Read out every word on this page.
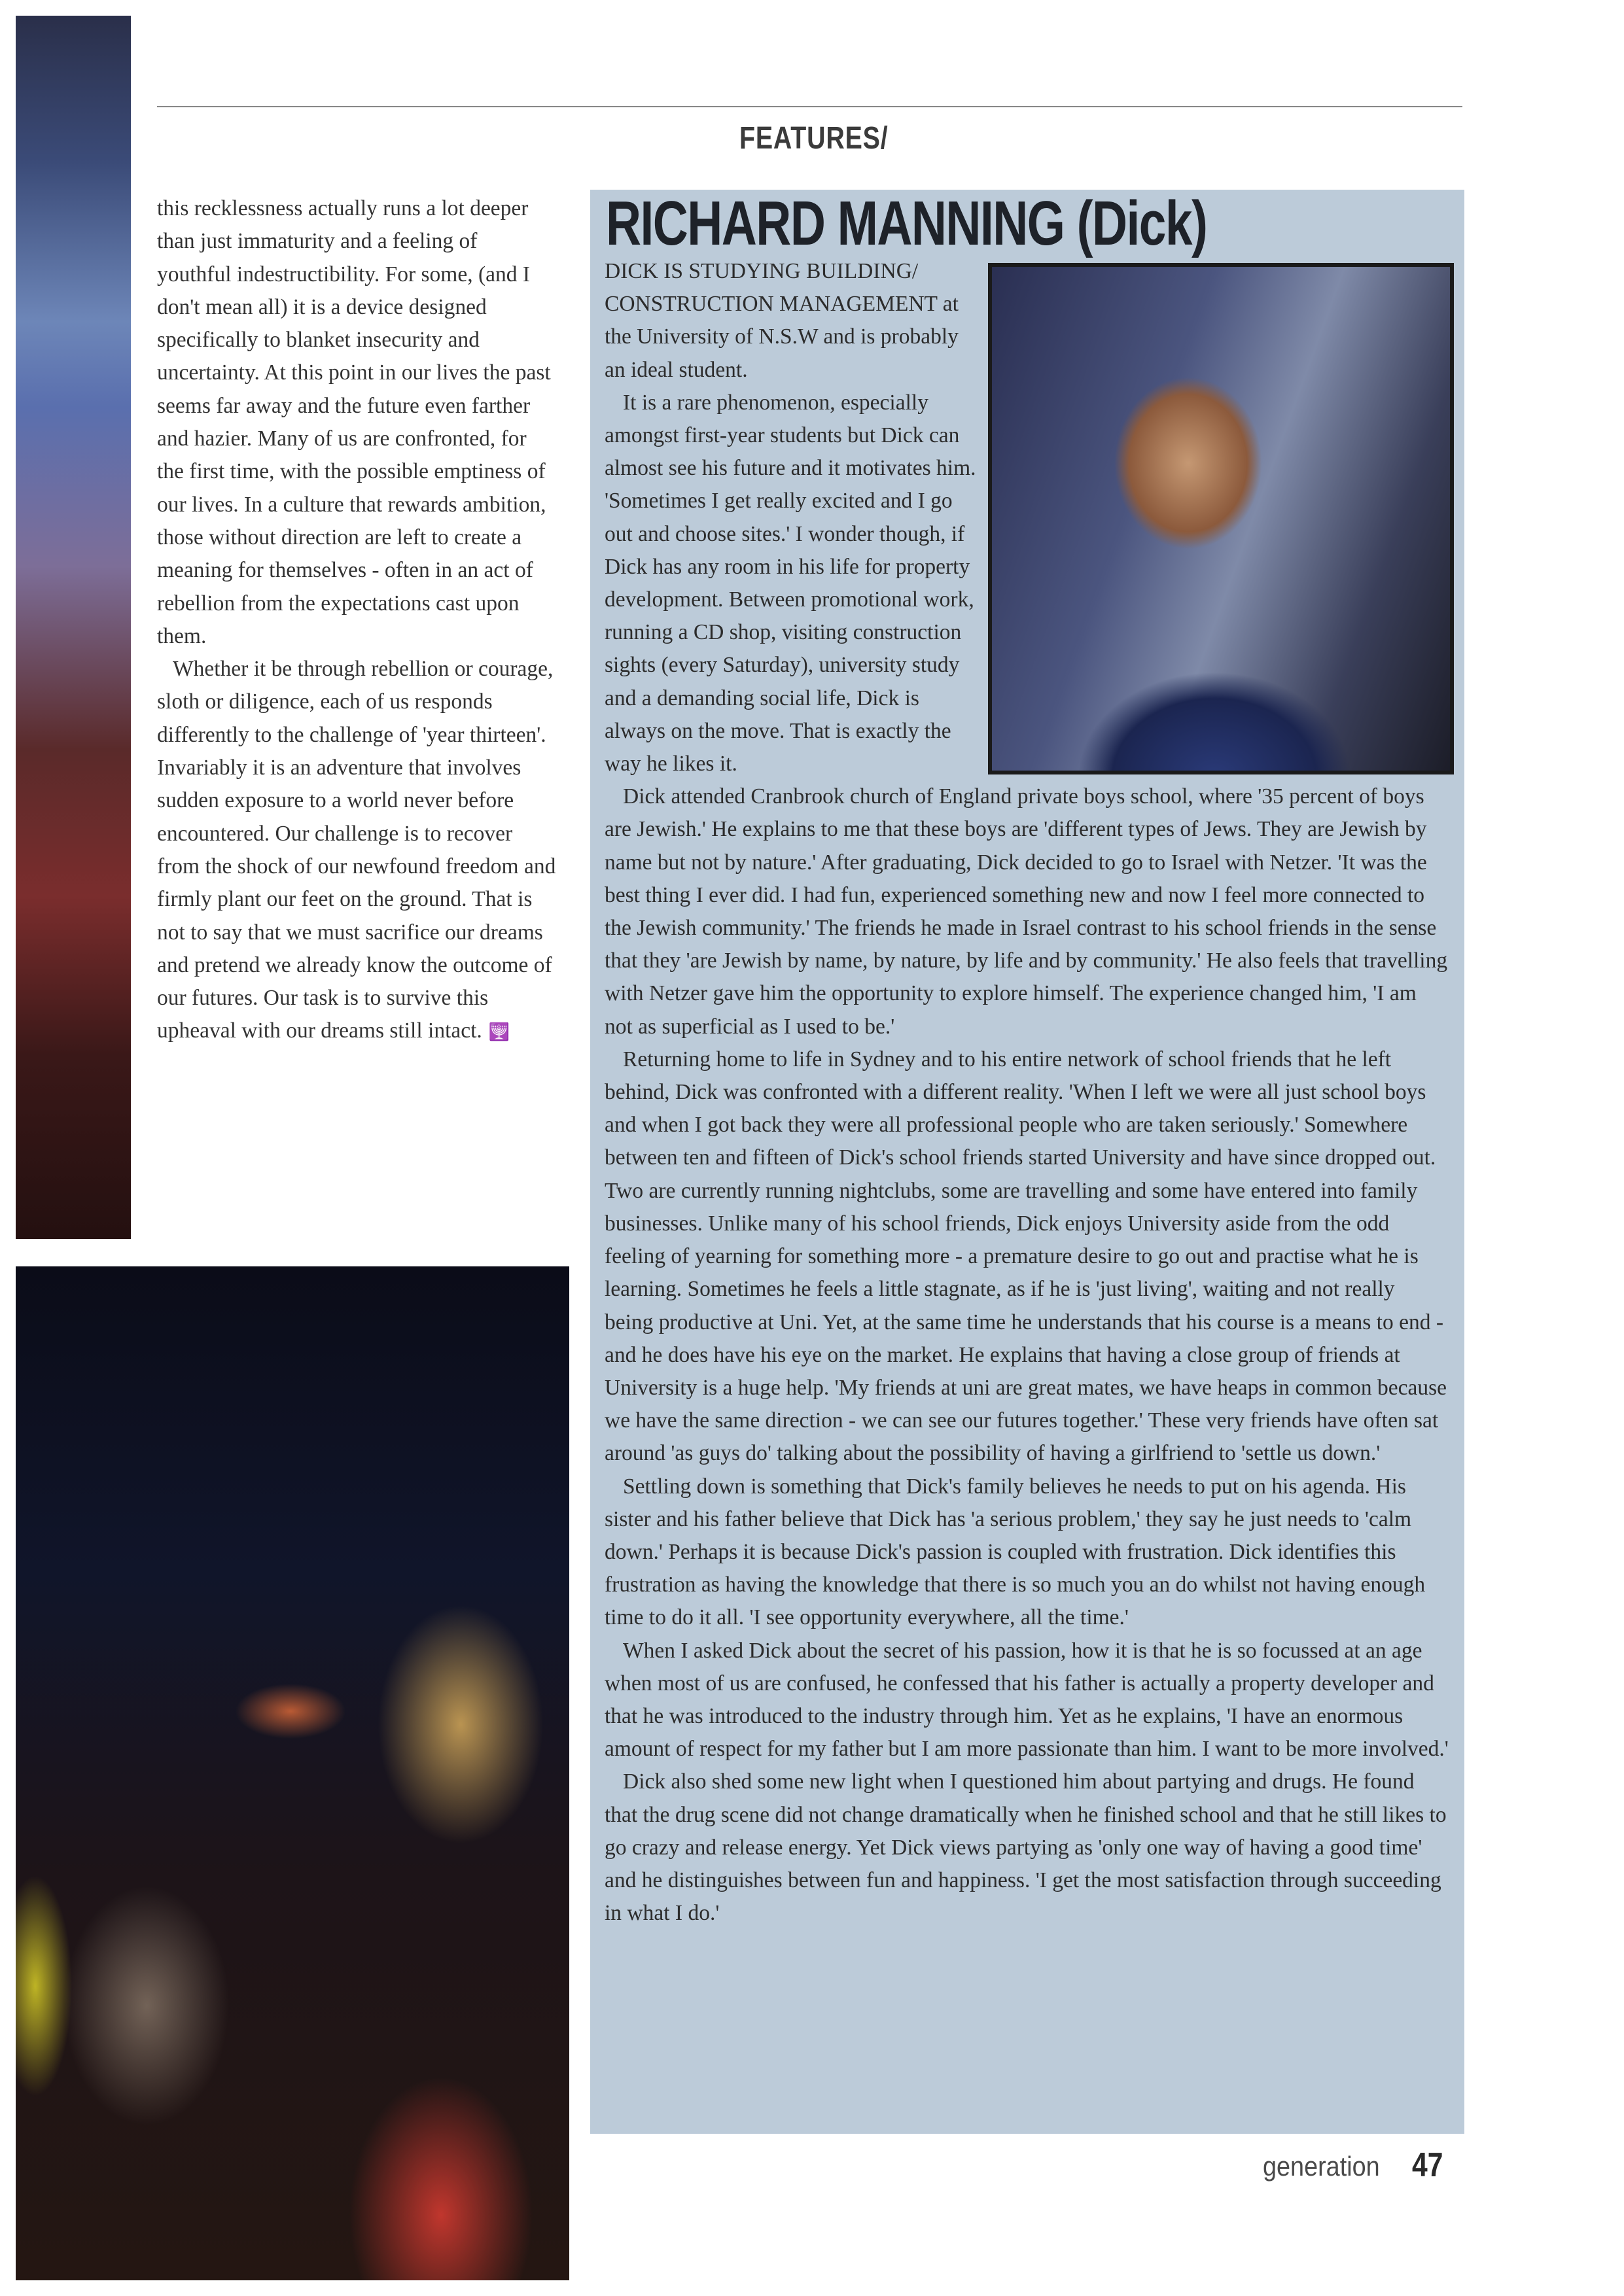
FEATURES/

this recklessness actually runs a lot deeper than just immaturity and a feeling of youthful indestructibility. For some, (and I don't mean all) it is a device designed specifically to blanket insecurity and uncertainty. At this point in our lives the past seems far away and the future even farther and hazier. Many of us are confronted, for the first time, with the possible emptiness of our lives. In a culture that rewards ambition, those without direction are left to create a meaning for themselves - often in an act of rebellion from the expectations cast upon them.

Whether it be through rebellion or courage, sloth or diligence, each of us responds differently to the challenge of 'year thirteen'. Invariably it is an adventure that involves sudden exposure to a world never before encountered. Our challenge is to recover from the shock of our newfound freedom and firmly plant our feet on the ground. That is not to say that we must sacrifice our dreams and pretend we already know the outcome of our futures. Our task is to survive this upheaval with our dreams still intact. 🕎

RICHARD MANNING (Dick)

DICK IS STUDYING BUILDING/ CONSTRUCTION MANAGEMENT at the University of N.S.W and is probably an ideal student.

It is a rare phenomenon, especially amongst first-year students but Dick can almost see his future and it motivates him. 'Sometimes I get really excited and I go out and choose sites.' I wonder though, if Dick has any room in his life for property development. Between promotional work, running a CD shop, visiting construction sights (every Saturday), university study and a demanding social life, Dick is always on the move. That is exactly the way he likes it.

Dick attended Cranbrook church of England private boys school, where '35 percent of boys are Jewish.' He explains to me that these boys are 'different types of Jews. They are Jewish by name but not by nature.' After graduating, Dick decided to go to Israel with Netzer. 'It was the best thing I ever did. I had fun, experienced something new and now I feel more connected to the Jewish community.' The friends he made in Israel contrast to his school friends in the sense that they 'are Jewish by name, by nature, by life and by community.' He also feels that travelling with Netzer gave him the opportunity to explore himself. The experience changed him, 'I am not as superficial as I used to be.'

Returning home to life in Sydney and to his entire network of school friends that he left behind, Dick was confronted with a different reality. 'When I left we were all just school boys and when I got back they were all professional people who are taken seriously.' Somewhere between ten and fifteen of Dick's school friends started University and have since dropped out. Two are currently running nightclubs, some are travelling and some have entered into family businesses. Unlike many of his school friends, Dick enjoys University aside from the odd feeling of yearning for something more - a premature desire to go out and practise what he is learning. Sometimes he feels a little stagnate, as if he is 'just living', waiting and not really being productive at Uni. Yet, at the same time he understands that his course is a means to end - and he does have his eye on the market. He explains that having a close group of friends at University is a huge help. 'My friends at uni are great mates, we have heaps in common because we have the same direction - we can see our futures together.' These very friends have often sat around 'as guys do' talking about the possibility of having a girlfriend to 'settle us down.'

Settling down is something that Dick's family believes he needs to put on his agenda. His sister and his father believe that Dick has 'a serious problem,' they say he just needs to 'calm down.' Perhaps it is because Dick's passion is coupled with frustration. Dick identifies this frustration as having the knowledge that there is so much you an do whilst not having enough time to do it all. 'I see opportunity everywhere, all the time.'

When I asked Dick about the secret of his passion, how it is that he is so focussed at an age when most of us are confused, he confessed that his father is actually a property developer and that he was introduced to the industry through him. Yet as he explains, 'I have an enormous amount of respect for my father but I am more passionate than him. I want to be more involved.'

Dick also shed some new light when I questioned him about partying and drugs. He found that the drug scene did not change dramatically when he finished school and that he still likes to go crazy and release energy. Yet Dick views partying as 'only one way of having a good time' and he distinguishes between fun and happiness. 'I get the most satisfaction through succeeding in what I do.'

generation 47
